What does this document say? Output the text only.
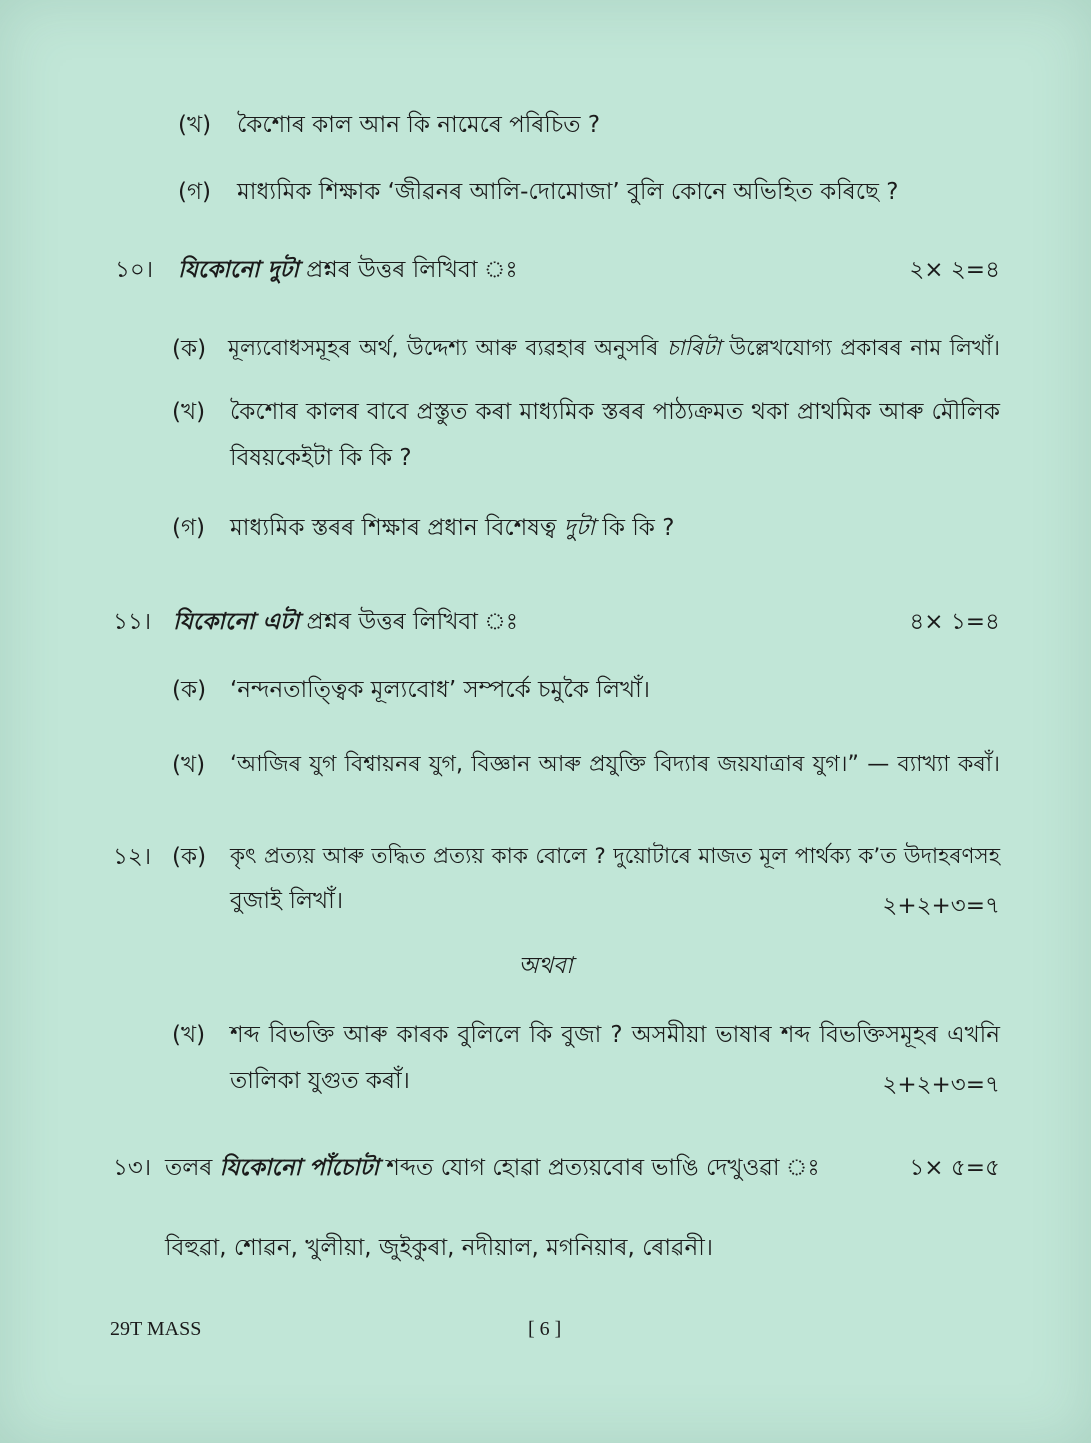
(খ) কৈশোৰ কাল আন কি নামেৰে পৰিচিত ?
(গ) মাধ্যমিক শিক্ষাক ‘জীৱনৰ আলি-দোমোজা’ বুলি কোনে অভিহিত কৰিছে ?
১০। যিকোনো দুটা প্ৰশ্নৰ উত্তৰ লিখিবা ঃ	২× ২=৪
(ক) মূল্যবোধসমূহৰ অৰ্থ, উদ্দেশ্য আৰু ব্যৱহাৰ অনুসৰি চাৰিটা উল্লেখযোগ্য প্ৰকাৰৰ নাম লিখাঁ।
(খ) কৈশোৰ কালৰ বাবে প্ৰস্তুত কৰা মাধ্যমিক স্তৰৰ পাঠ্যক্ৰমত থকা প্ৰাথমিক আৰু মৌলিক
বিষয়কেইটা কি কি ?
(গ) মাধ্যমিক স্তৰৰ শিক্ষাৰ প্ৰধান বিশেষত্ব দুটা কি কি ?
১১। যিকোনো এটা প্ৰশ্নৰ উত্তৰ লিখিবা ঃ	৪× ১=৪
(ক) ‘নন্দনতাত্ত্বিক মূল্যবোধ’ সম্পৰ্কে চমুকৈ লিখাঁ।
(খ) ‘আজিৰ যুগ বিশ্বায়নৰ যুগ, বিজ্ঞান আৰু প্ৰযুক্তি বিদ্যাৰ জয়যাত্ৰাৰ যুগ।” — ব্যাখ্যা কৰাঁ।
১২। (ক) কৃৎ প্ৰত্যয় আৰু তদ্ধিত প্ৰত্যয় কাক বোলে ? দুয়োটাৰে মাজত মূল পাৰ্থক্য ক’ত উদাহৰণসহ
বুজাই লিখাঁ।	২+২+৩=৭
অথবা
(খ) শব্দ বিভক্তি আৰু কাৰক বুলিলে কি বুজা ? অসমীয়া ভাষাৰ শব্দ বিভক্তিসমূহৰ এখনি
তালিকা যুগুত কৰাঁ।	২+২+৩=৭
১৩। তলৰ যিকোনো পাঁচোটা শব্দত যোগ হোৱা প্ৰত্যয়বোৰ ভাঙি দেখুওৱা ঃ	১× ৫=৫
বিহুৱা, শোৱন, খুলীয়া, জুইকুৰা, নদীয়াল, মগনিয়াৰ, ৰোৱনী।
29T MASS	[ 6 ]
